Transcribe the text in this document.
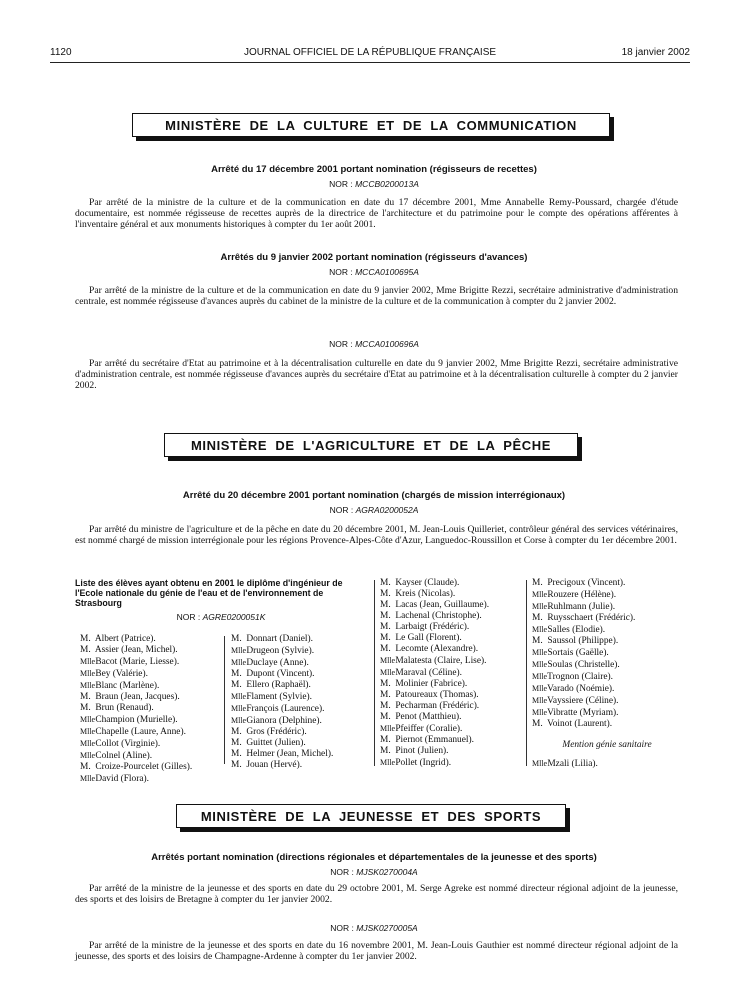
1120	JOURNAL OFFICIEL DE LA RÉPUBLIQUE FRANÇAISE	18 janvier 2002
MINISTÈRE DE LA CULTURE ET DE LA COMMUNICATION
Arrêté du 17 décembre 2001 portant nomination (régisseurs de recettes)
NOR : MCCB0200013A
Par arrêté de la ministre de la culture et de la communication en date du 17 décembre 2001, Mme Annabelle Remy-Poussard, chargée d'étude documentaire, est nommée régisseuse de recettes auprès de la directrice de l'architecture et du patrimoine pour le compte des opérations afférentes à l'inventaire général et aux monuments historiques à compter du 1er août 2001.
Arrêtés du 9 janvier 2002 portant nomination (régisseurs d'avances)
NOR : MCCA0100695A
Par arrêté de la ministre de la culture et de la communication en date du 9 janvier 2002, Mme Brigitte Rezzi, secrétaire administrative d'administration centrale, est nommée régisseuse d'avances auprès du cabinet de la ministre de la culture et de la communication à compter du 2 janvier 2002.
NOR : MCCA0100696A
Par arrêté du secrétaire d'Etat au patrimoine et à la décentralisation culturelle en date du 9 janvier 2002, Mme Brigitte Rezzi, secrétaire administrative d'administration centrale, est nommée régisseuse d'avances auprès du secrétaire d'Etat au patrimoine et à la décentralisation culturelle à compter du 2 janvier 2002.
MINISTÈRE DE L'AGRICULTURE ET DE LA PÊCHE
Arrêté du 20 décembre 2001 portant nomination (chargés de mission interrégionaux)
NOR : AGRA0200052A
Par arrêté du ministre de l'agriculture et de la pêche en date du 20 décembre 2001, M. Jean-Louis Quilleriet, contrôleur général des services vétérinaires, est nommé chargé de mission interrégionale pour les régions Provence-Alpes-Côte d'Azur, Languedoc-Roussillon et Corse à compter du 1er décembre 2001.
Liste des élèves ayant obtenu en 2001 le diplôme d'ingénieur de l'Ecole nationale du génie de l'eau et de l'environnement de Strasbourg
NOR : AGRE0200051K
M. Albert (Patrice).
M. Assier (Jean, Michel).
Mlle Bacot (Marie, Liesse).
Mlle Bey (Valérie).
Mlle Blanc (Marlène).
M. Braun (Jean, Jacques).
M. Brun (Renaud).
Mlle Champion (Murielle).
Mlle Chapelle (Laure, Anne).
Mlle Collot (Virginie).
Mlle Colnel (Aline).
M. Croize-Pourcelet (Gilles).
Mlle David (Flora).
M. Donnart (Daniel).
Mlle Drugeon (Sylvie).
Mlle Duclaye (Anne).
M. Dupont (Vincent).
M. Ellero (Raphaël).
Mlle Flament (Sylvie).
Mlle François (Laurence).
Mlle Gianora (Delphine).
M. Gros (Frédéric).
M. Guittet (Julien).
M. Helmer (Jean, Michel).
M. Jouan (Hervé).
M. Kayser (Claude).
M. Kreis (Nicolas).
M. Lacas (Jean, Guillaume).
M. Lachenal (Christophe).
M. Larbaigt (Frédéric).
M. Le Gall (Florent).
M. Lecomte (Alexandre).
Mlle Malatesta (Claire, Lise).
Mlle Maraval (Céline).
M. Molinier (Fabrice).
M. Patoureaux (Thomas).
M. Pecharman (Frédéric).
M. Penot (Matthieu).
Mlle Pfeiffer (Coralie).
M. Piernot (Emmanuel).
M. Pinot (Julien).
Mlle Pollet (Ingrid).
M. Precigoux (Vincent).
Mlle Rouzere (Hélène).
Mlle Ruhlmann (Julie).
M. Ruysschaert (Frédéric).
Mlle Salles (Elodie).
M. Saussol (Philippe).
Mlle Sortais (Gaëlle).
Mlle Soulas (Christelle).
Mlle Trognon (Claire).
Mlle Varado (Noémie).
Mlle Vayssiere (Céline).
Mlle Vibratte (Myriam).
M. Voinot (Laurent).
Mention génie sanitaire
Mlle Mzali (Lilia).
MINISTÈRE DE LA JEUNESSE ET DES SPORTS
Arrêtés portant nomination (directions régionales et départementales de la jeunesse et des sports)
NOR : MJSK0270004A
Par arrêté de la ministre de la jeunesse et des sports en date du 29 octobre 2001, M. Serge Agreke est nommé directeur régional adjoint de la jeunesse, des sports et des loisirs de Bretagne à compter du 1er janvier 2002.
NOR : MJSK0270005A
Par arrêté de la ministre de la jeunesse et des sports en date du 16 novembre 2001, M. Jean-Louis Gauthier est nommé directeur régional adjoint de la jeunesse, des sports et des loisirs de Champagne-Ardenne à compter du 1er janvier 2002.
